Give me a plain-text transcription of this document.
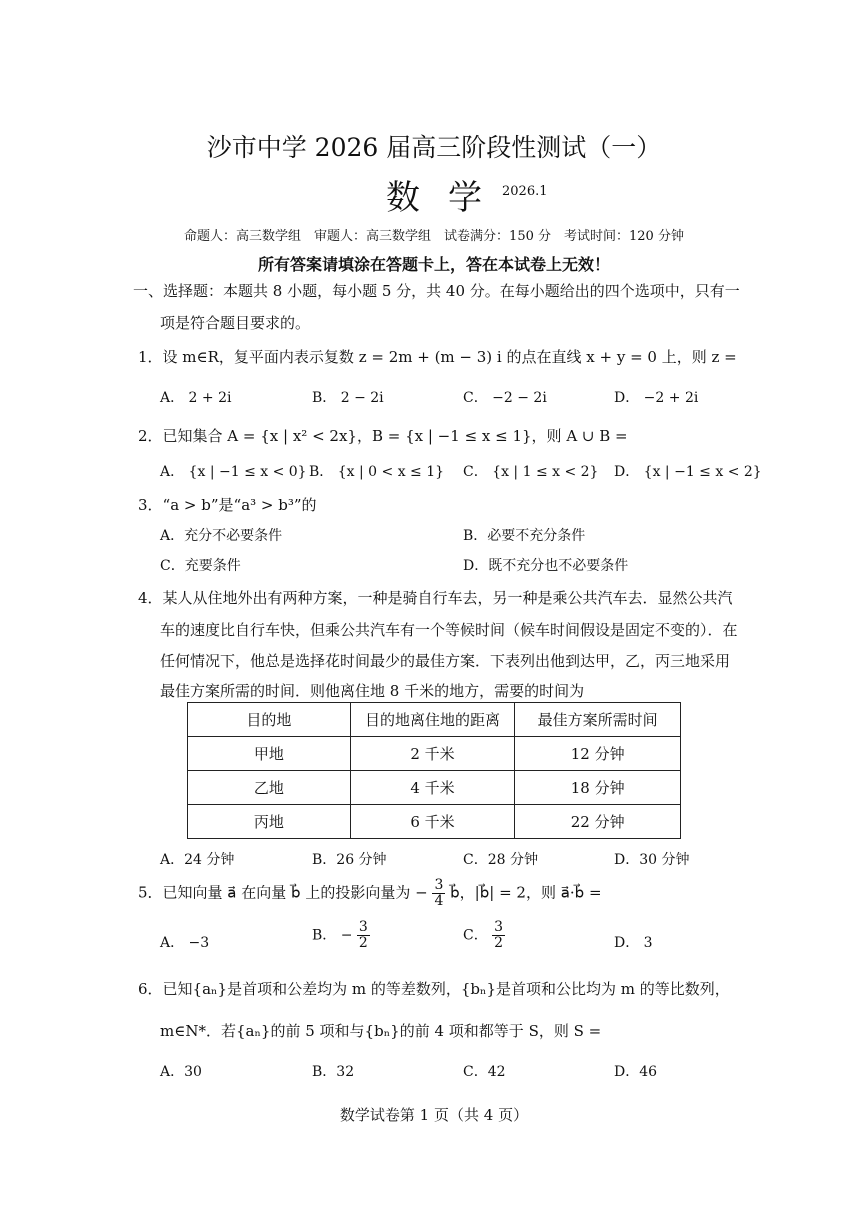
沙市中学 2026 届高三阶段性测试（一）
数学
2026.1
命题人：高三数学组　审题人：高三数学组　试卷满分：150 分　考试时间：120 分钟
所有答案请填涂在答题卡上，答在本试卷上无效！
一、选择题：本题共 8 小题，每小题 5 分，共 40 分。在每小题给出的四个选项中，只有一
项是符合题目要求的。
1．设 m∈R，复平面内表示复数 z = 2m + (m − 3) i 的点在直线 x + y = 0 上，则 z =
A． 2 + 2i	B． 2 − 2i	C． −2 − 2i	D． −2 + 2i
2．已知集合 A = {x | x² < 2x}，B = {x | −1 ≤ x ≤ 1}，则 A ∪ B =
A． {x | −1 ≤ x < 0} B． {x | 0 < x ≤ 1} C． {x | 1 ≤ x < 2} D． {x | −1 ≤ x < 2}
3．“a > b”是“a³ > b³”的
A．充分不必要条件	B．必要不充分条件
C．充要条件	D．既不充分也不必要条件
4．某人从住地外出有两种方案，一种是骑自行车去，另一种是乘公共汽车去．显然公共汽
车的速度比自行车快，但乘公共汽车有一个等候时间（候车时间假设是固定不变的）．在
任何情况下，他总是选择花时间最少的最佳方案．下表列出他到达甲，乙，丙三地采用
最佳方案所需的时间．则他离住地 8 千米的地方，需要的时间为
目的地	目的地离住地的距离	最佳方案所需时间
甲地	2 千米	12 分钟
乙地	4 千米	18 分钟
丙地	6 千米	22 分钟
A．24 分钟	B．26 分钟	C．28 分钟	D．30 分钟
5．已知向量 a⃗ 在向量 b⃗ 上的投影向量为 − $\frac{3}{4}$ b⃗，|b⃗| = 2，则 a⃗·b⃗ =
A． −3	B． − $\frac{3}{2}$	C． $\frac{3}{2}$	D． 3
6．已知{aₙ}是首项和公差均为 m 的等差数列，{bₙ}是首项和公比均为 m 的等比数列，
m∈N*．若{aₙ}的前 5 项和与{bₙ}的前 4 项和都等于 S，则 S =
A．30	B．32	C．42	D．46
数学试卷第 1 页（共 4 页）
